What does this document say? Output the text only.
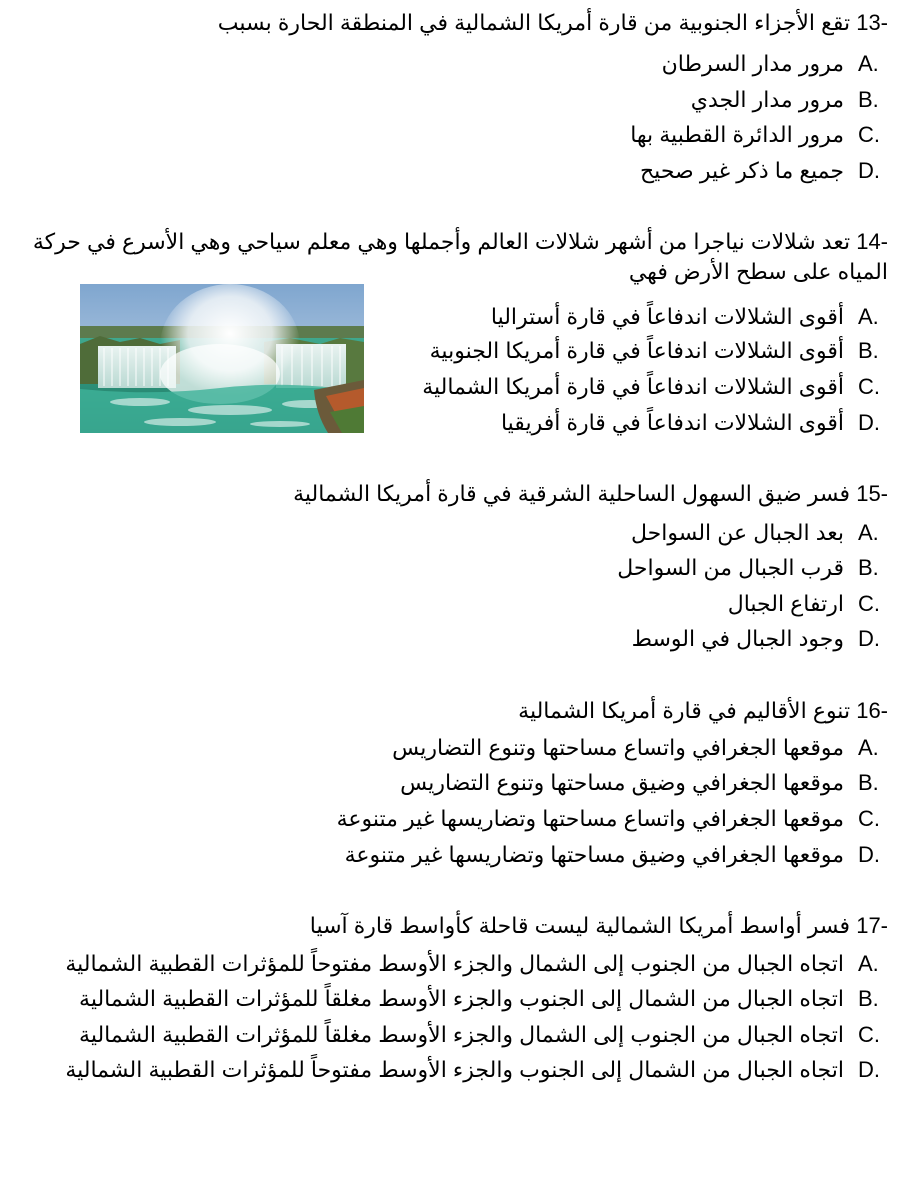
13- تقع الأجزاء الجنوبية من قارة أمريكا الشمالية في المنطقة الحارة بسبب
A.
مرور مدار السرطان
B.
مرور مدار الجدي
C.
مرور الدائرة القطبية بها
D.
جميع ما ذكر غير صحيح
14- تعد شلالات نياجرا من أشهر شلالات العالم وأجملها وهي معلم سياحي وهي الأسرع في حركة المياه على سطح الأرض فهي
A.
أقوى الشلالات اندفاعاً في قارة أستراليا
B.
أقوى الشلالات اندفاعاً في قارة أمريكا الجنوبية
C.
أقوى الشلالات اندفاعاً في قارة أمريكا الشمالية
D.
أقوى الشلالات اندفاعاً في قارة أفريقيا
15- فسر ضيق السهول الساحلية الشرقية في قارة أمريكا الشمالية
A.
بعد الجبال عن السواحل
B.
قرب الجبال من السواحل
C.
ارتفاع الجبال
D.
وجود الجبال في الوسط
16- تنوع الأقاليم في قارة أمريكا الشمالية
A.
موقعها الجغرافي واتساع مساحتها وتنوع التضاريس
B.
موقعها الجغرافي وضيق مساحتها وتنوع التضاريس
C.
موقعها الجغرافي واتساع مساحتها وتضاريسها غير متنوعة
D.
موقعها الجغرافي وضيق مساحتها وتضاريسها غير متنوعة
17- فسر أواسط أمريكا الشمالية ليست قاحلة كأواسط قارة آسيا
A.
اتجاه الجبال من الجنوب إلى الشمال والجزء الأوسط مفتوحاً للمؤثرات القطبية الشمالية
B.
اتجاه الجبال من الشمال إلى الجنوب والجزء الأوسط مغلقاً للمؤثرات القطبية الشمالية
C.
اتجاه الجبال من الجنوب إلى الشمال والجزء الأوسط مغلقاً للمؤثرات القطبية الشمالية
D.
اتجاه الجبال من الشمال إلى الجنوب والجزء الأوسط مفتوحاً للمؤثرات القطبية الشمالية
